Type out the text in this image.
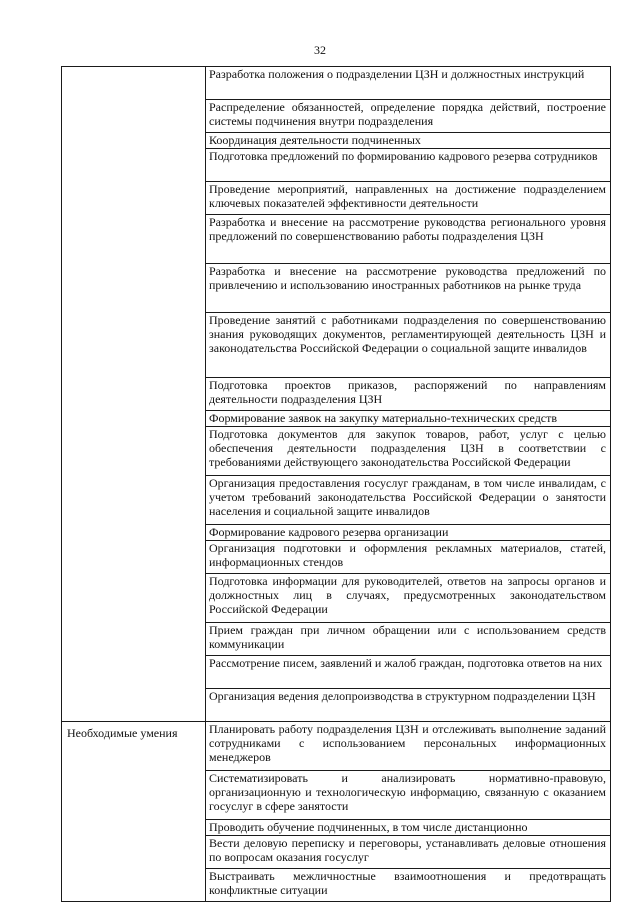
32

	Разработка положения о подразделении ЦЗН и должностных инструкций

	Распределение обязанностей, определение порядка действий, построение системы подчинения внутри подразделения

	Координация деятельности подчиненных

	Подготовка предложений по формированию кадрового резерва сотрудников

	Проведение мероприятий, направленных на достижение подразделением ключевых показателей эффективности деятельности

	Разработка и внесение на рассмотрение руководства регионального уровня предложений по совершенствованию работы подразделения ЦЗН

	Разработка и внесение на рассмотрение руководства предложений по привлечению и использованию иностранных работников на рынке труда

	Проведение занятий с работниками подразделения по совершенствованию знания руководящих документов, регламентирующей деятельность ЦЗН и законодательства Российской Федерации о социальной защите инвалидов

	Подготовка проектов приказов, распоряжений по направлениям деятельности подразделения ЦЗН

	Формирование заявок на закупку материально-технических средств

	Подготовка документов для закупок товаров, работ, услуг с целью обеспечения деятельности подразделения ЦЗН в соответствии с требованиями действующего законодательства Российской Федерации

	Организация предоставления госуслуг гражданам, в том числе инвалидам, с учетом требований законодательства Российской Федерации о занятости населения и социальной защите инвалидов

	Формирование кадрового резерва организации

	Организация подготовки и оформления рекламных материалов, статей, информационных стендов

	Подготовка информации для руководителей, ответов на запросы органов и должностных лиц в случаях, предусмотренных законодательством Российской Федерации

	Прием граждан при личном обращении или с использованием средств коммуникации

	Рассмотрение писем, заявлений и жалоб граждан, подготовка ответов на них

	Организация ведения делопроизводства в структурном подразделении ЦЗН

Необходимые умения	Планировать работу подразделения ЦЗН и отслеживать выполнение заданий сотрудниками с использованием персональных информационных менеджеров

	Систематизировать и анализировать нормативно-правовую, организационную и технологическую информацию, связанную с оказанием госуслуг в сфере занятости

	Проводить обучение подчиненных, в том числе дистанционно

	Вести деловую переписку и переговоры, устанавливать деловые отношения по вопросам оказания госуслуг

	Выстраивать межличностные взаимоотношения и предотвращать конфликтные ситуации
